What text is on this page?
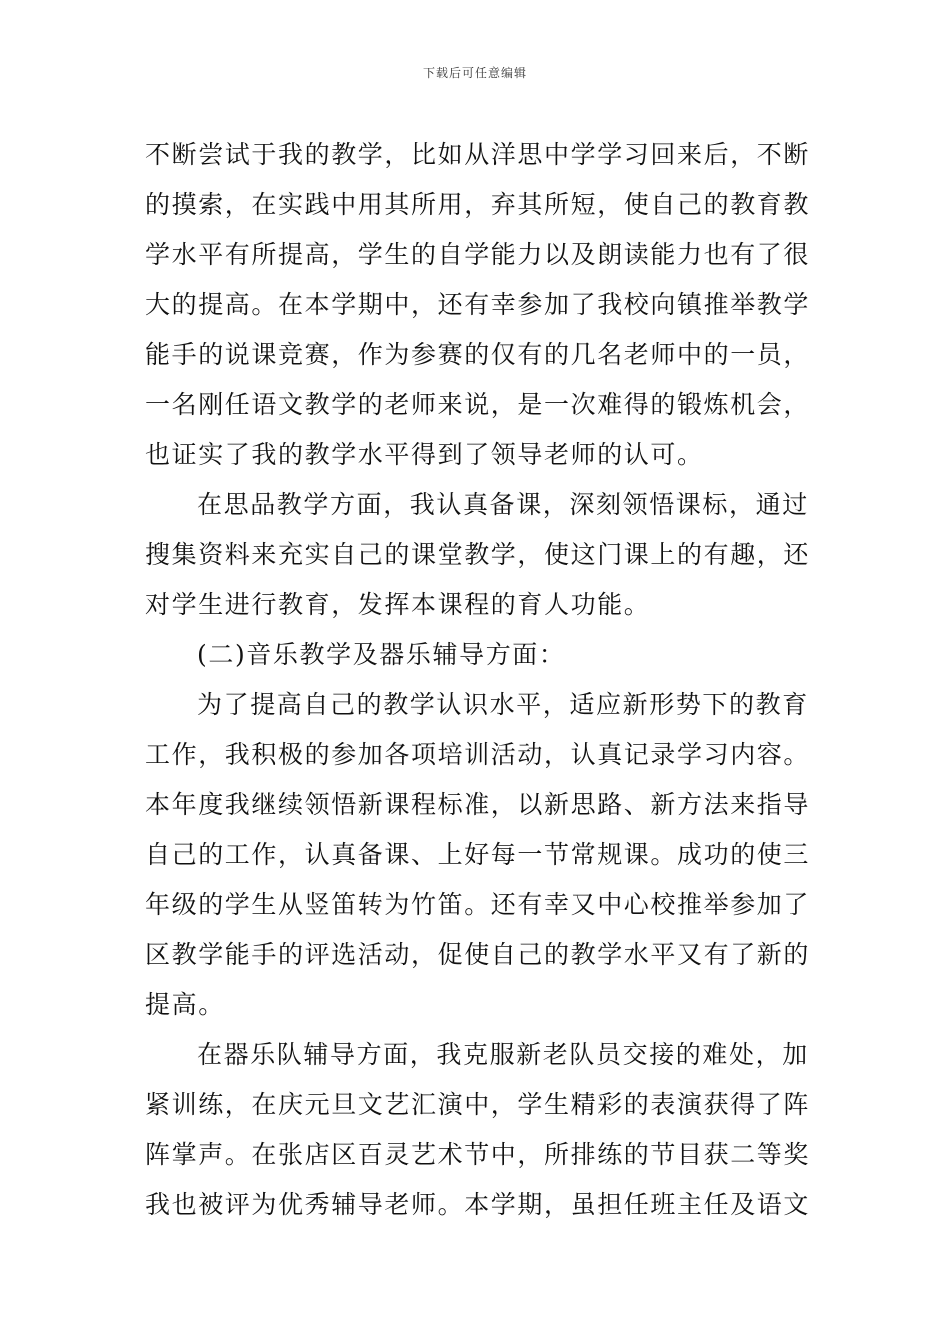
下载后可任意编辑
不断尝试于我的教学，比如从洋思中学学习回来后，不断
的摸索，在实践中用其所用，弃其所短，使自己的教育教
学水平有所提高，学生的自学能力以及朗读能力也有了很
大的提高。在本学期中，还有幸参加了我校向镇推举教学
能手的说课竞赛，作为参赛的仅有的几名老师中的一员，
一名刚任语文教学的老师来说，是一次难得的锻炼机会，
也证实了我的教学水平得到了领导老师的认可。
在思品教学方面，我认真备课，深刻领悟课标，通过
搜集资料来充实自己的课堂教学，使这门课上的有趣，还
对学生进行教育，发挥本课程的育人功能。
(二)音乐教学及器乐辅导方面：
为了提高自己的教学认识水平，适应新形势下的教育
工作，我积极的参加各项培训活动，认真记录学习内容。
本年度我继续领悟新课程标准，以新思路、新方法来指导
自己的工作，认真备课、上好每一节常规课。成功的使三
年级的学生从竖笛转为竹笛。还有幸又中心校推举参加了
区教学能手的评选活动，促使自己的教学水平又有了新的
提高。
在器乐队辅导方面，我克服新老队员交接的难处，加
紧训练，在庆元旦文艺汇演中，学生精彩的表演获得了阵
阵掌声。在张店区百灵艺术节中，所排练的节目获二等奖
我也被评为优秀辅导老师。本学期，虽担任班主任及语文
